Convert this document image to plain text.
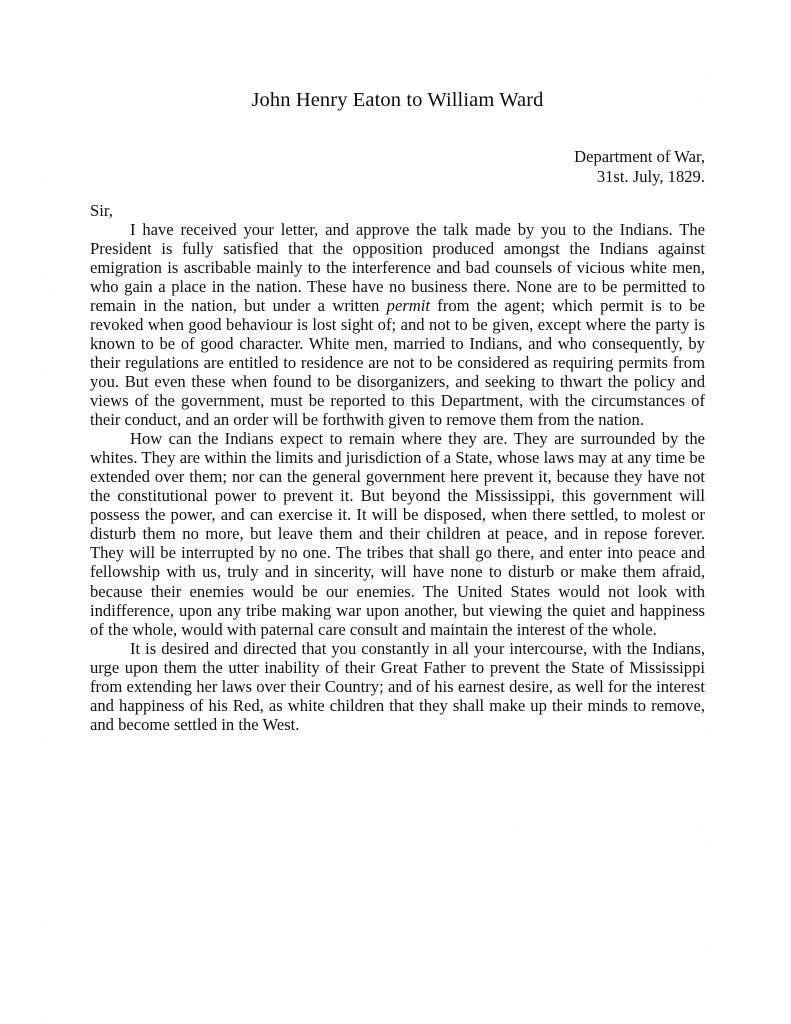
John Henry Eaton to William Ward
Department of War,
31st. July, 1829.
Sir,
I have received your letter, and approve the talk made by you to the Indians. The President is fully satisfied that the opposition produced amongst the Indians against emigration is ascribable mainly to the interference and bad counsels of vicious white men, who gain a place in the nation. These have no business there. None are to be permitted to remain in the nation, but under a written permit from the agent; which permit is to be revoked when good behaviour is lost sight of; and not to be given, except where the party is known to be of good character. White men, married to Indians, and who consequently, by their regulations are entitled to residence are not to be considered as requiring permits from you. But even these when found to be disorganizers, and seeking to thwart the policy and views of the government, must be reported to this Department, with the circumstances of their conduct, and an order will be forthwith given to remove them from the nation.
How can the Indians expect to remain where they are. They are surrounded by the whites. They are within the limits and jurisdiction of a State, whose laws may at any time be extended over them; nor can the general government here prevent it, because they have not the constitutional power to prevent it. But beyond the Mississippi, this government will possess the power, and can exercise it. It will be disposed, when there settled, to molest or disturb them no more, but leave them and their children at peace, and in repose forever. They will be interrupted by no one. The tribes that shall go there, and enter into peace and fellowship with us, truly and in sincerity, will have none to disturb or make them afraid, because their enemies would be our enemies. The United States would not look with indifference, upon any tribe making war upon another, but viewing the quiet and happiness of the whole, would with paternal care consult and maintain the interest of the whole.
It is desired and directed that you constantly in all your intercourse, with the Indians, urge upon them the utter inability of their Great Father to prevent the State of Mississippi from extending her laws over their Country; and of his earnest desire, as well for the interest and happiness of his Red, as white children that they shall make up their minds to remove, and become settled in the West.
